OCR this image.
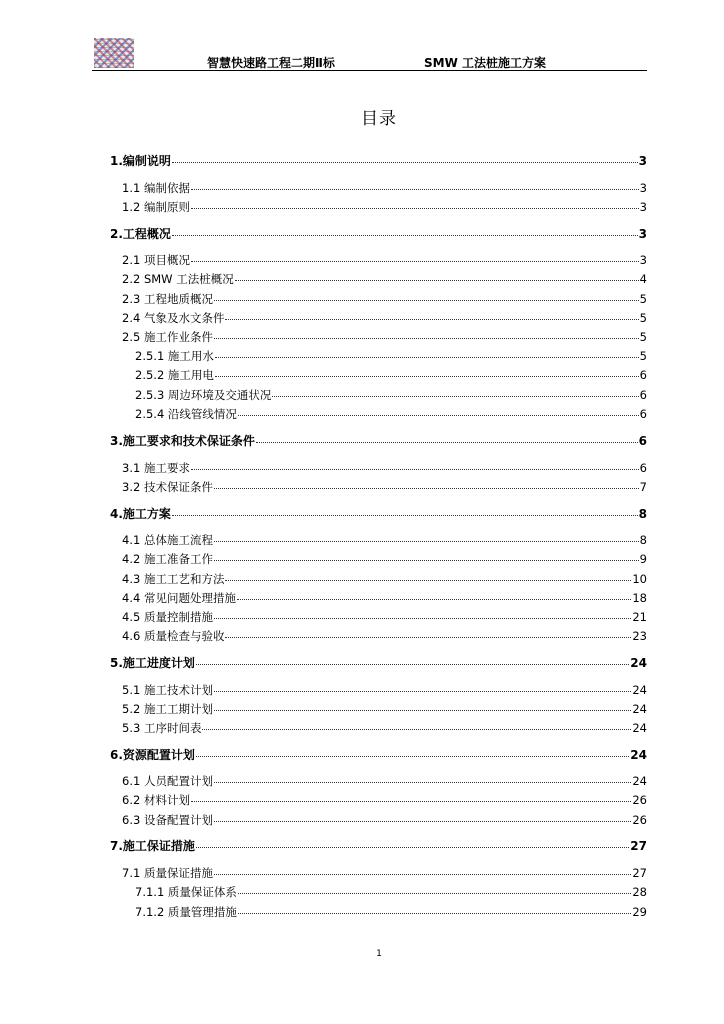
智慧快速路工程二期Ⅱ标	SMW 工法桩施工方案
目录
1.编制说明	3
1.1 编制依据	3
1.2 编制原则	3
2.工程概况	3
2.1 项目概况	3
2.2 SMW 工法桩概况	4
2.3 工程地质概况	5
2.4 气象及水文条件	5
2.5 施工作业条件	5
2.5.1 施工用水	5
2.5.2 施工用电	6
2.5.3 周边环境及交通状况	6
2.5.4 沿线管线情况	6
3.施工要求和技术保证条件	6
3.1 施工要求	6
3.2 技术保证条件	7
4.施工方案	8
4.1 总体施工流程	8
4.2 施工准备工作	9
4.3 施工工艺和方法	10
4.4 常见问题处理措施	18
4.5 质量控制措施	21
4.6 质量检查与验收	23
5.施工进度计划	24
5.1 施工技术计划	24
5.2 施工工期计划	24
5.3 工序时间表	24
6.资源配置计划	24
6.1 人员配置计划	24
6.2 材料计划	26
6.3 设备配置计划	26
7.施工保证措施	27
7.1 质量保证措施	27
7.1.1 质量保证体系	28
7.1.2 质量管理措施	29
1
